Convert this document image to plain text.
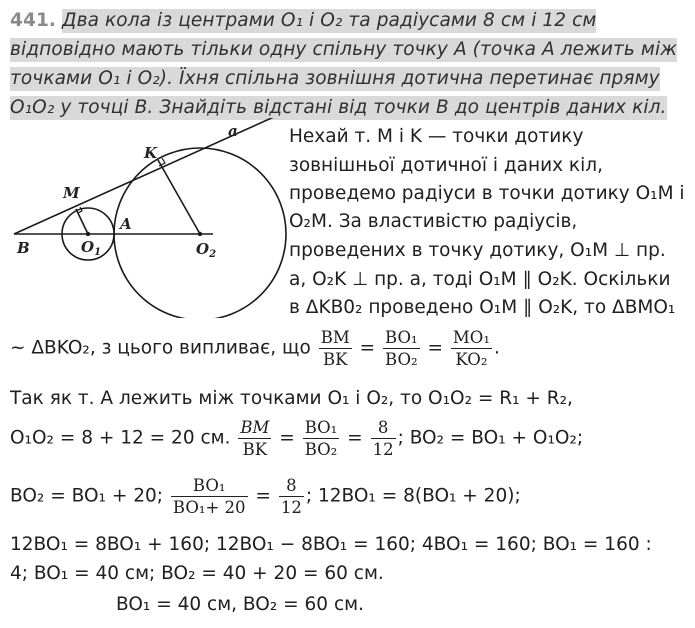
441. Два кола із центрами O₁ і O₂ та радіусами 8 см і 12 см
відповідно мають тільки одну спільну точку A (точка A лежить між
точками O₁ і O₂). Їхня спільна зовнішня дотична перетинає пряму
O₁O₂ у точці B. Знайдіть відстані від точки B до центрів даних кіл.
a
K
M
B
A
$O_1$	$O_2$
Нехай т. M і K — точки дотику
зовнішньої дотичної і даних кіл,
проведемо радіуси в точки дотику O₁M і
O₂M. За властивістю радіусів,
проведених в точку дотику, O₁M ⊥ пр.
а, O₂K ⊥ пр. а, тоді O₁M ∥ O₂K. Оскільки
в ΔKB0₂ проведено O₁M ∥ O₂K, то ΔBMO₁
~ ΔBKO₂, з цього випливає, що $\frac{BM}{BK} = \frac{\text{BO₁}}{\text{BO₂}} = \frac{\text{MO₁}}{\text{KO₂}}$ .
Так як т. A лежить між точками O₁ і O₂, то O₁O₂ = R₁ + R₂,
O₁O₂ = 8 + 12 = 20 см. $\frac{BM}{BK} = \frac{\text{BO₁}}{\text{BO₂}} = \frac{8}{12}$ ; BO₂ = BO₁ + O₁O₂;
BO₂ = BO₁ + 20; $\frac{\text{BO₁}}{\text{BO₁+ 20}} = \frac{8}{12}$ ; 12BO₁ = 8(BO₁ + 20);
12BO₁ = 8BO₁ + 160; 12BO₁ − 8BO₁ = 160; 4BO₁ = 160; BO₁ = 160 :
4; BO₁ = 40 см; BO₂ = 40 + 20 = 60 см.
BO₁ = 40 см, BO₂ = 60 см.
